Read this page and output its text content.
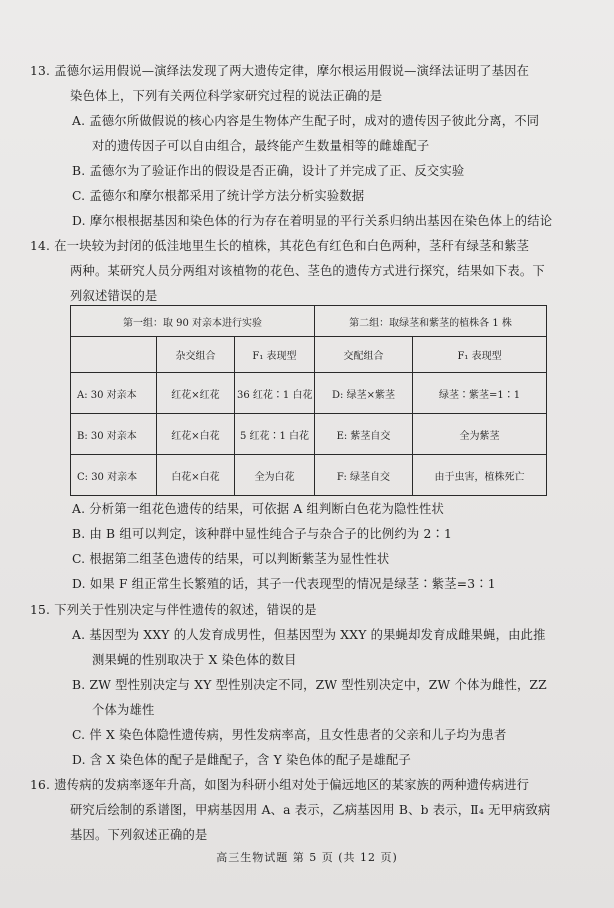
13. 孟德尔运用假说—演绎法发现了两大遗传定律，摩尔根运用假说—演绎法证明了基因在
染色体上，下列有关两位科学家研究过程的说法正确的是
A. 孟德尔所做假说的核心内容是生物体产生配子时，成对的遗传因子彼此分离，不同
对的遗传因子可以自由组合，最终能产生数量相等的雌雄配子
B. 孟德尔为了验证作出的假设是否正确，设计了并完成了正、反交实验
C. 孟德尔和摩尔根都采用了统计学方法分析实验数据
D. 摩尔根根据基因和染色体的行为存在着明显的平行关系归纳出基因在染色体上的结论
14. 在一块较为封闭的低洼地里生长的植株，其花色有红色和白色两种，茎秆有绿茎和紫茎
两种。某研究人员分两组对该植物的花色、茎色的遗传方式进行探究，结果如下表。下
列叙述错误的是
第一组：取 90 对亲本进行实验			第二组：取绿茎和紫茎的植株各 1 株	
	杂交组合	F₁ 表现型	交配组合	F₁ 表现型
A: 30 对亲本	红花×红花	36 红花∶1 白花	D: 绿茎×紫茎	绿茎∶紫茎=1∶1
B: 30 对亲本	红花×白花	5 红花∶1 白花	E: 紫茎自交	全为紫茎
C: 30 对亲本	白花×白花	全为白花	F: 绿茎自交	由于虫害，植株死亡
A. 分析第一组花色遗传的结果，可依据 A 组判断白色花为隐性性状
B. 由 B 组可以判定，该种群中显性纯合子与杂合子的比例约为 2∶1
C. 根据第二组茎色遗传的结果，可以判断紫茎为显性性状
D. 如果 F 组正常生长繁殖的话，其子一代表现型的情况是绿茎∶紫茎=3∶1
15. 下列关于性别决定与伴性遗传的叙述，错误的是
A. 基因型为 XXY 的人发育成男性，但基因型为 XXY 的果蝇却发育成雌果蝇，由此推
测果蝇的性别取决于 X 染色体的数目
B. ZW 型性别决定与 XY 型性别决定不同，ZW 型性别决定中，ZW 个体为雌性，ZZ
个体为雄性
C. 伴 X 染色体隐性遗传病，男性发病率高，且女性患者的父亲和儿子均为患者
D. 含 X 染色体的配子是雌配子，含 Y 染色体的配子是雄配子
16. 遗传病的发病率逐年升高，如图为科研小组对处于偏远地区的某家族的两种遗传病进行
研究后绘制的系谱图，甲病基因用 A、a 表示，乙病基因用 B、b 表示，Ⅱ₄ 无甲病致病
基因。下列叙述正确的是
高三生物试题 第 5 页 (共 12 页)
